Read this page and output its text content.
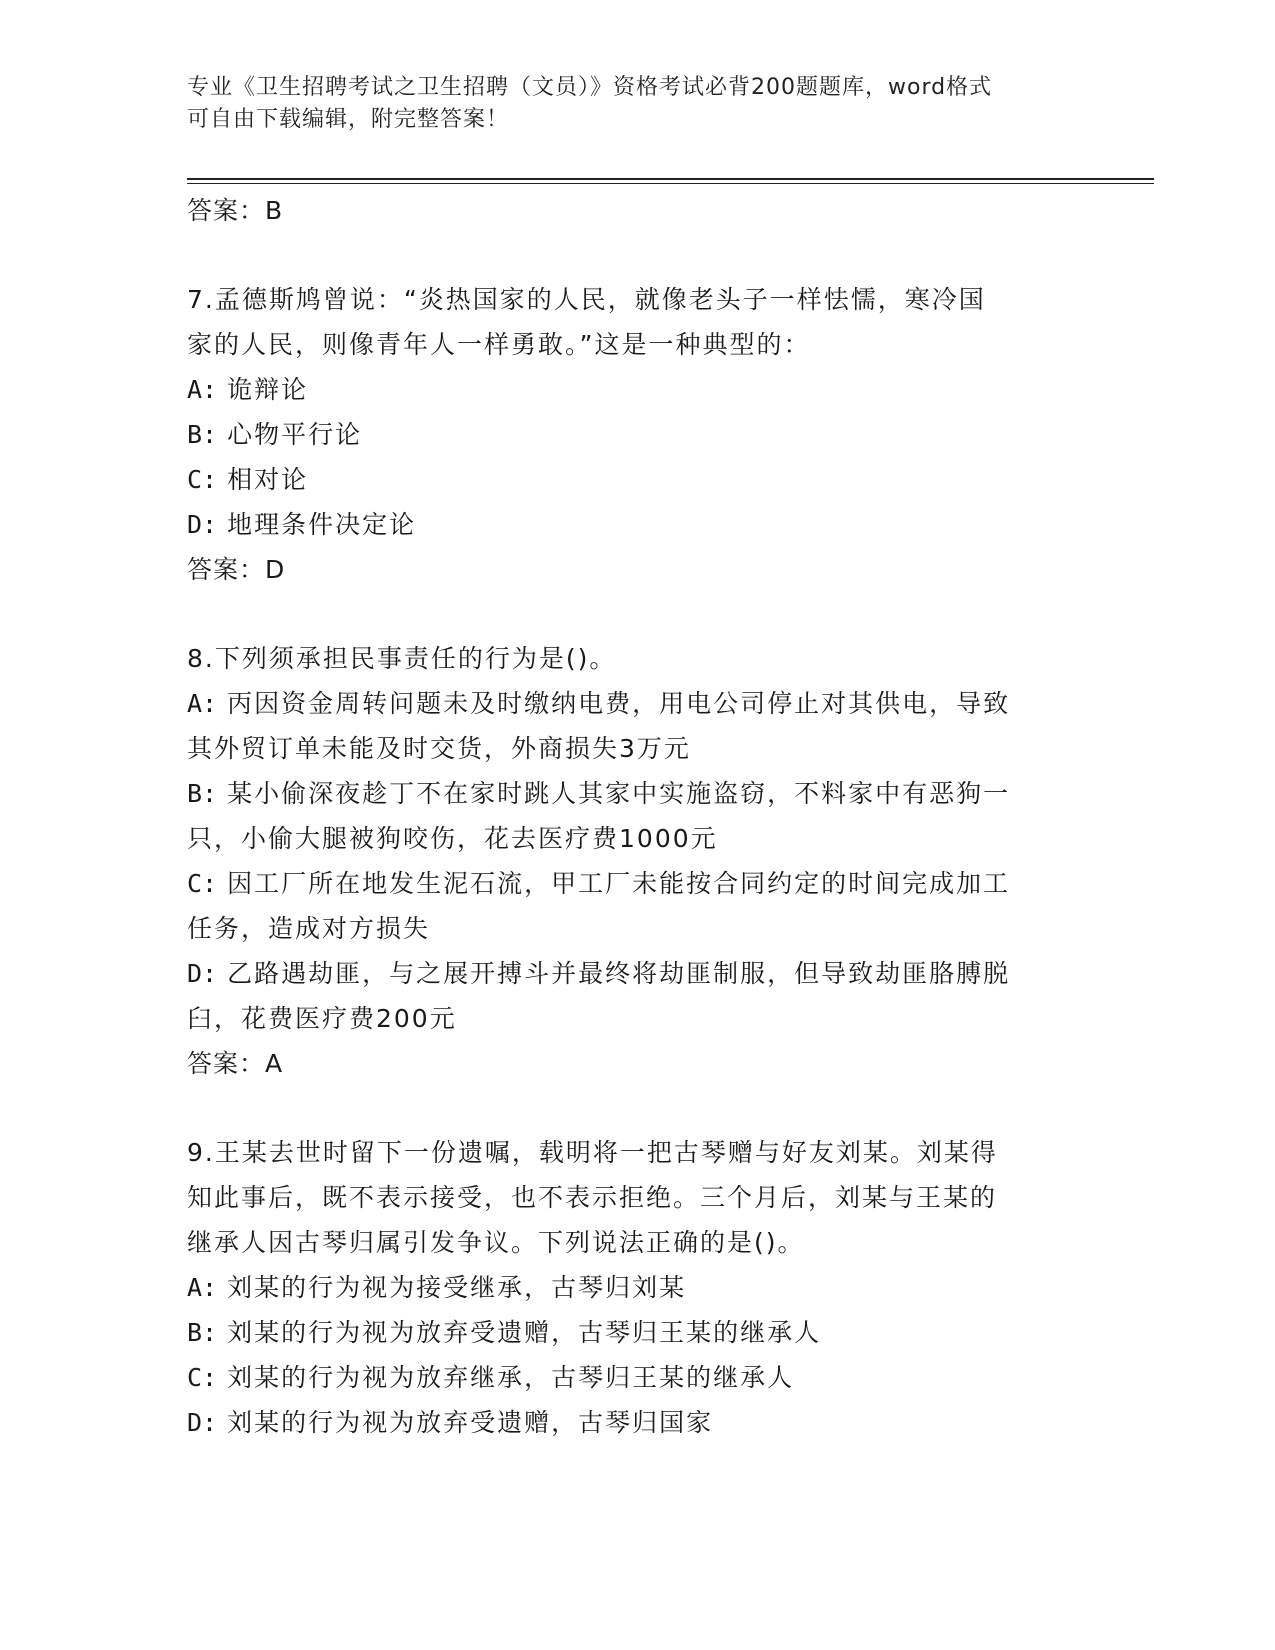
专业《卫生招聘考试之卫生招聘（文员）》资格考试必背200题题库，word格式
可自由下载编辑，附完整答案！
答案：B
7.孟德斯鸠曾说：“炎热国家的人民，就像老头子一样怯懦，寒冷国
家的人民，则像青年人一样勇敢。”这是一种典型的：
A: 诡辩论
B: 心物平行论
C: 相对论
D: 地理条件决定论
答案：D
8.下列须承担民事责任的行为是()。
A: 丙因资金周转问题未及时缴纳电费，用电公司停止对其供电，导致
其外贸订单未能及时交货，外商损失3万元
B: 某小偷深夜趁丁不在家时跳人其家中实施盗窃，不料家中有恶狗一
只，小偷大腿被狗咬伤，花去医疗费1000元
C: 因工厂所在地发生泥石流，甲工厂未能按合同约定的时间完成加工
任务，造成对方损失
D: 乙路遇劫匪，与之展开搏斗并最终将劫匪制服，但导致劫匪胳膊脱
臼，花费医疗费200元
答案：A
9.王某去世时留下一份遗嘱，载明将一把古琴赠与好友刘某。刘某得
知此事后，既不表示接受，也不表示拒绝。三个月后，刘某与王某的
继承人因古琴归属引发争议。下列说法正确的是()。
A: 刘某的行为视为接受继承，古琴归刘某
B: 刘某的行为视为放弃受遗赠，古琴归王某的继承人
C: 刘某的行为视为放弃继承，古琴归王某的继承人
D: 刘某的行为视为放弃受遗赠，古琴归国家
